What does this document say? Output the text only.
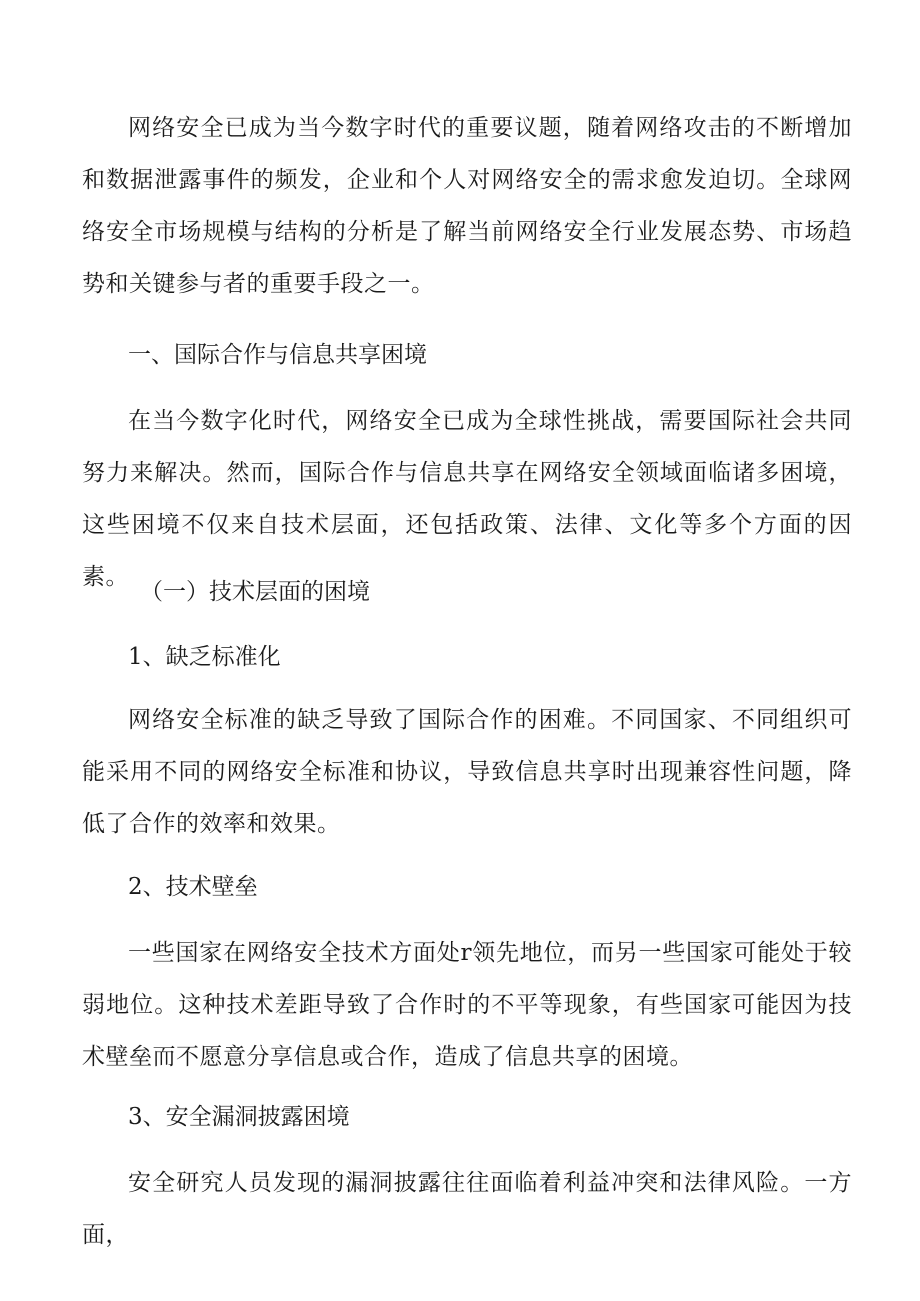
网络安全已成为当今数字时代的重要议题，随着网络攻击的不断增加和数据泄露事件的频发，企业和个人对网络安全的需求愈发迫切。全球网络安全市场规模与结构的分析是了解当前网络安全行业发展态势、市场趋势和关键参与者的重要手段之一。

一、国际合作与信息共享困境

在当今数字化时代，网络安全已成为全球性挑战，需要国际社会共同努力来解决。然而，国际合作与信息共享在网络安全领域面临诸多困境，这些困境不仅来自技术层面，还包括政策、法律、文化等多个方面的因素。

（一）技术层面的困境
1、缺乏标准化

网络安全标准的缺乏导致了国际合作的困难。不同国家、不同组织可能采用不同的网络安全标准和协议，导致信息共享时出现兼容性问题，降低了合作的效率和效果。

2、技术壁垒

一些国家在网络安全技术方面处r领先地位，而另一些国家可能处于较弱地位。这种技术差距导致了合作时的不平等现象，有些国家可能因为技术壁垒而不愿意分享信息或合作，造成了信息共享的困境。

3、安全漏洞披露困境

安全研究人员发现的漏洞披露往往面临着利益冲突和法律风险。一方面，
